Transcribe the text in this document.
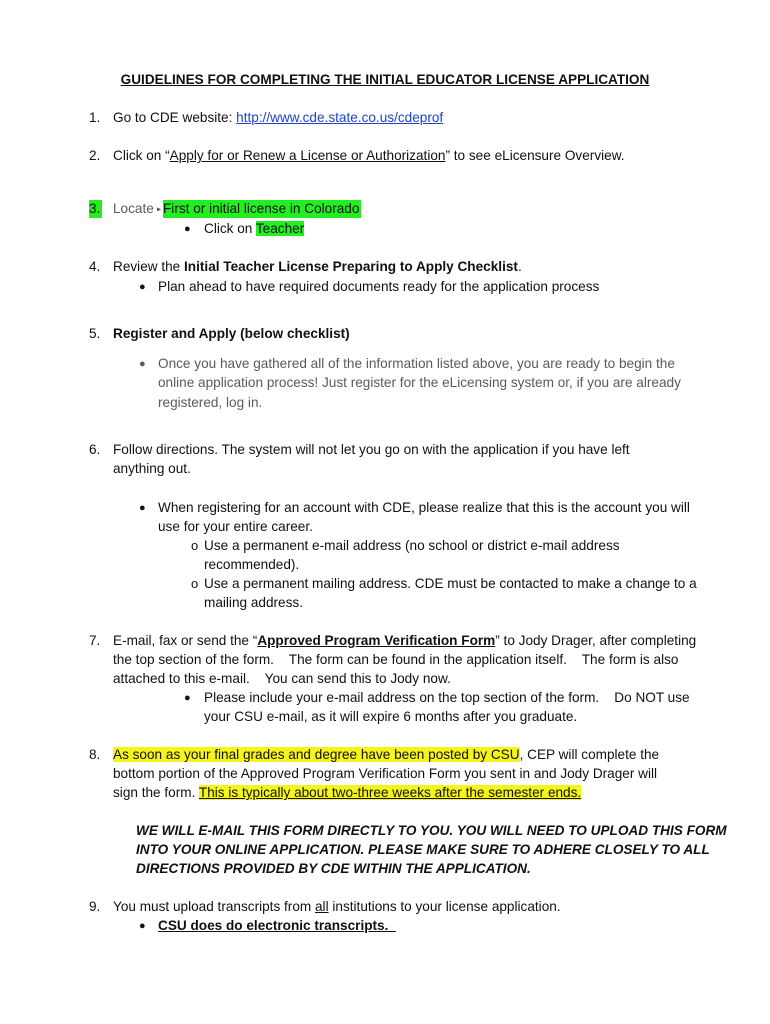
GUIDELINES FOR COMPLETING THE INITIAL EDUCATOR LICENSE APPLICATION
1. Go to CDE website: http://www.cde.state.co.us/cdeprof
2. Click on “Apply for or Renew a License or Authorization” to see eLicensure Overview.
3. Locate ▸ First or initial license in Colorado
● Click on Teacher
4. Review the Initial Teacher License Preparing to Apply Checklist.
● Plan ahead to have required documents ready for the application process
5. Register and Apply (below checklist)
● Once you have gathered all of the information listed above, you are ready to begin the
online application process! Just register for the eLicensing system or, if you are already
registered, log in.
6. Follow directions. The system will not let you go on with the application if you have left
anything out.
● When registering for an account with CDE, please realize that this is the account you will
use for your entire career.
o Use a permanent e-mail address (no school or district e-mail address
recommended).
o Use a permanent mailing address. CDE must be contacted to make a change to a
mailing address.
7. E-mail, fax or send the “Approved Program Verification Form” to Jody Drager, after completing
the top section of the form.    The form can be found in the application itself.    The form is also
attached to this e-mail.    You can send this to Jody now.
● Please include your e-mail address on the top section of the form.    Do NOT use
your CSU e-mail, as it will expire 6 months after you graduate.
8. As soon as your final grades and degree have been posted by CSU, CEP will complete the
bottom portion of the Approved Program Verification Form you sent in and Jody Drager will
sign the form. This is typically about two-three weeks after the semester ends.
WE WILL E-MAIL THIS FORM DIRECTLY TO YOU. YOU WILL NEED TO UPLOAD THIS FORM
INTO YOUR ONLINE APPLICATION. PLEASE MAKE SURE TO ADHERE CLOSELY TO ALL
DIRECTIONS PROVIDED BY CDE WITHIN THE APPLICATION.
9. You must upload transcripts from all institutions to your license application.
● CSU does do electronic transcripts.
